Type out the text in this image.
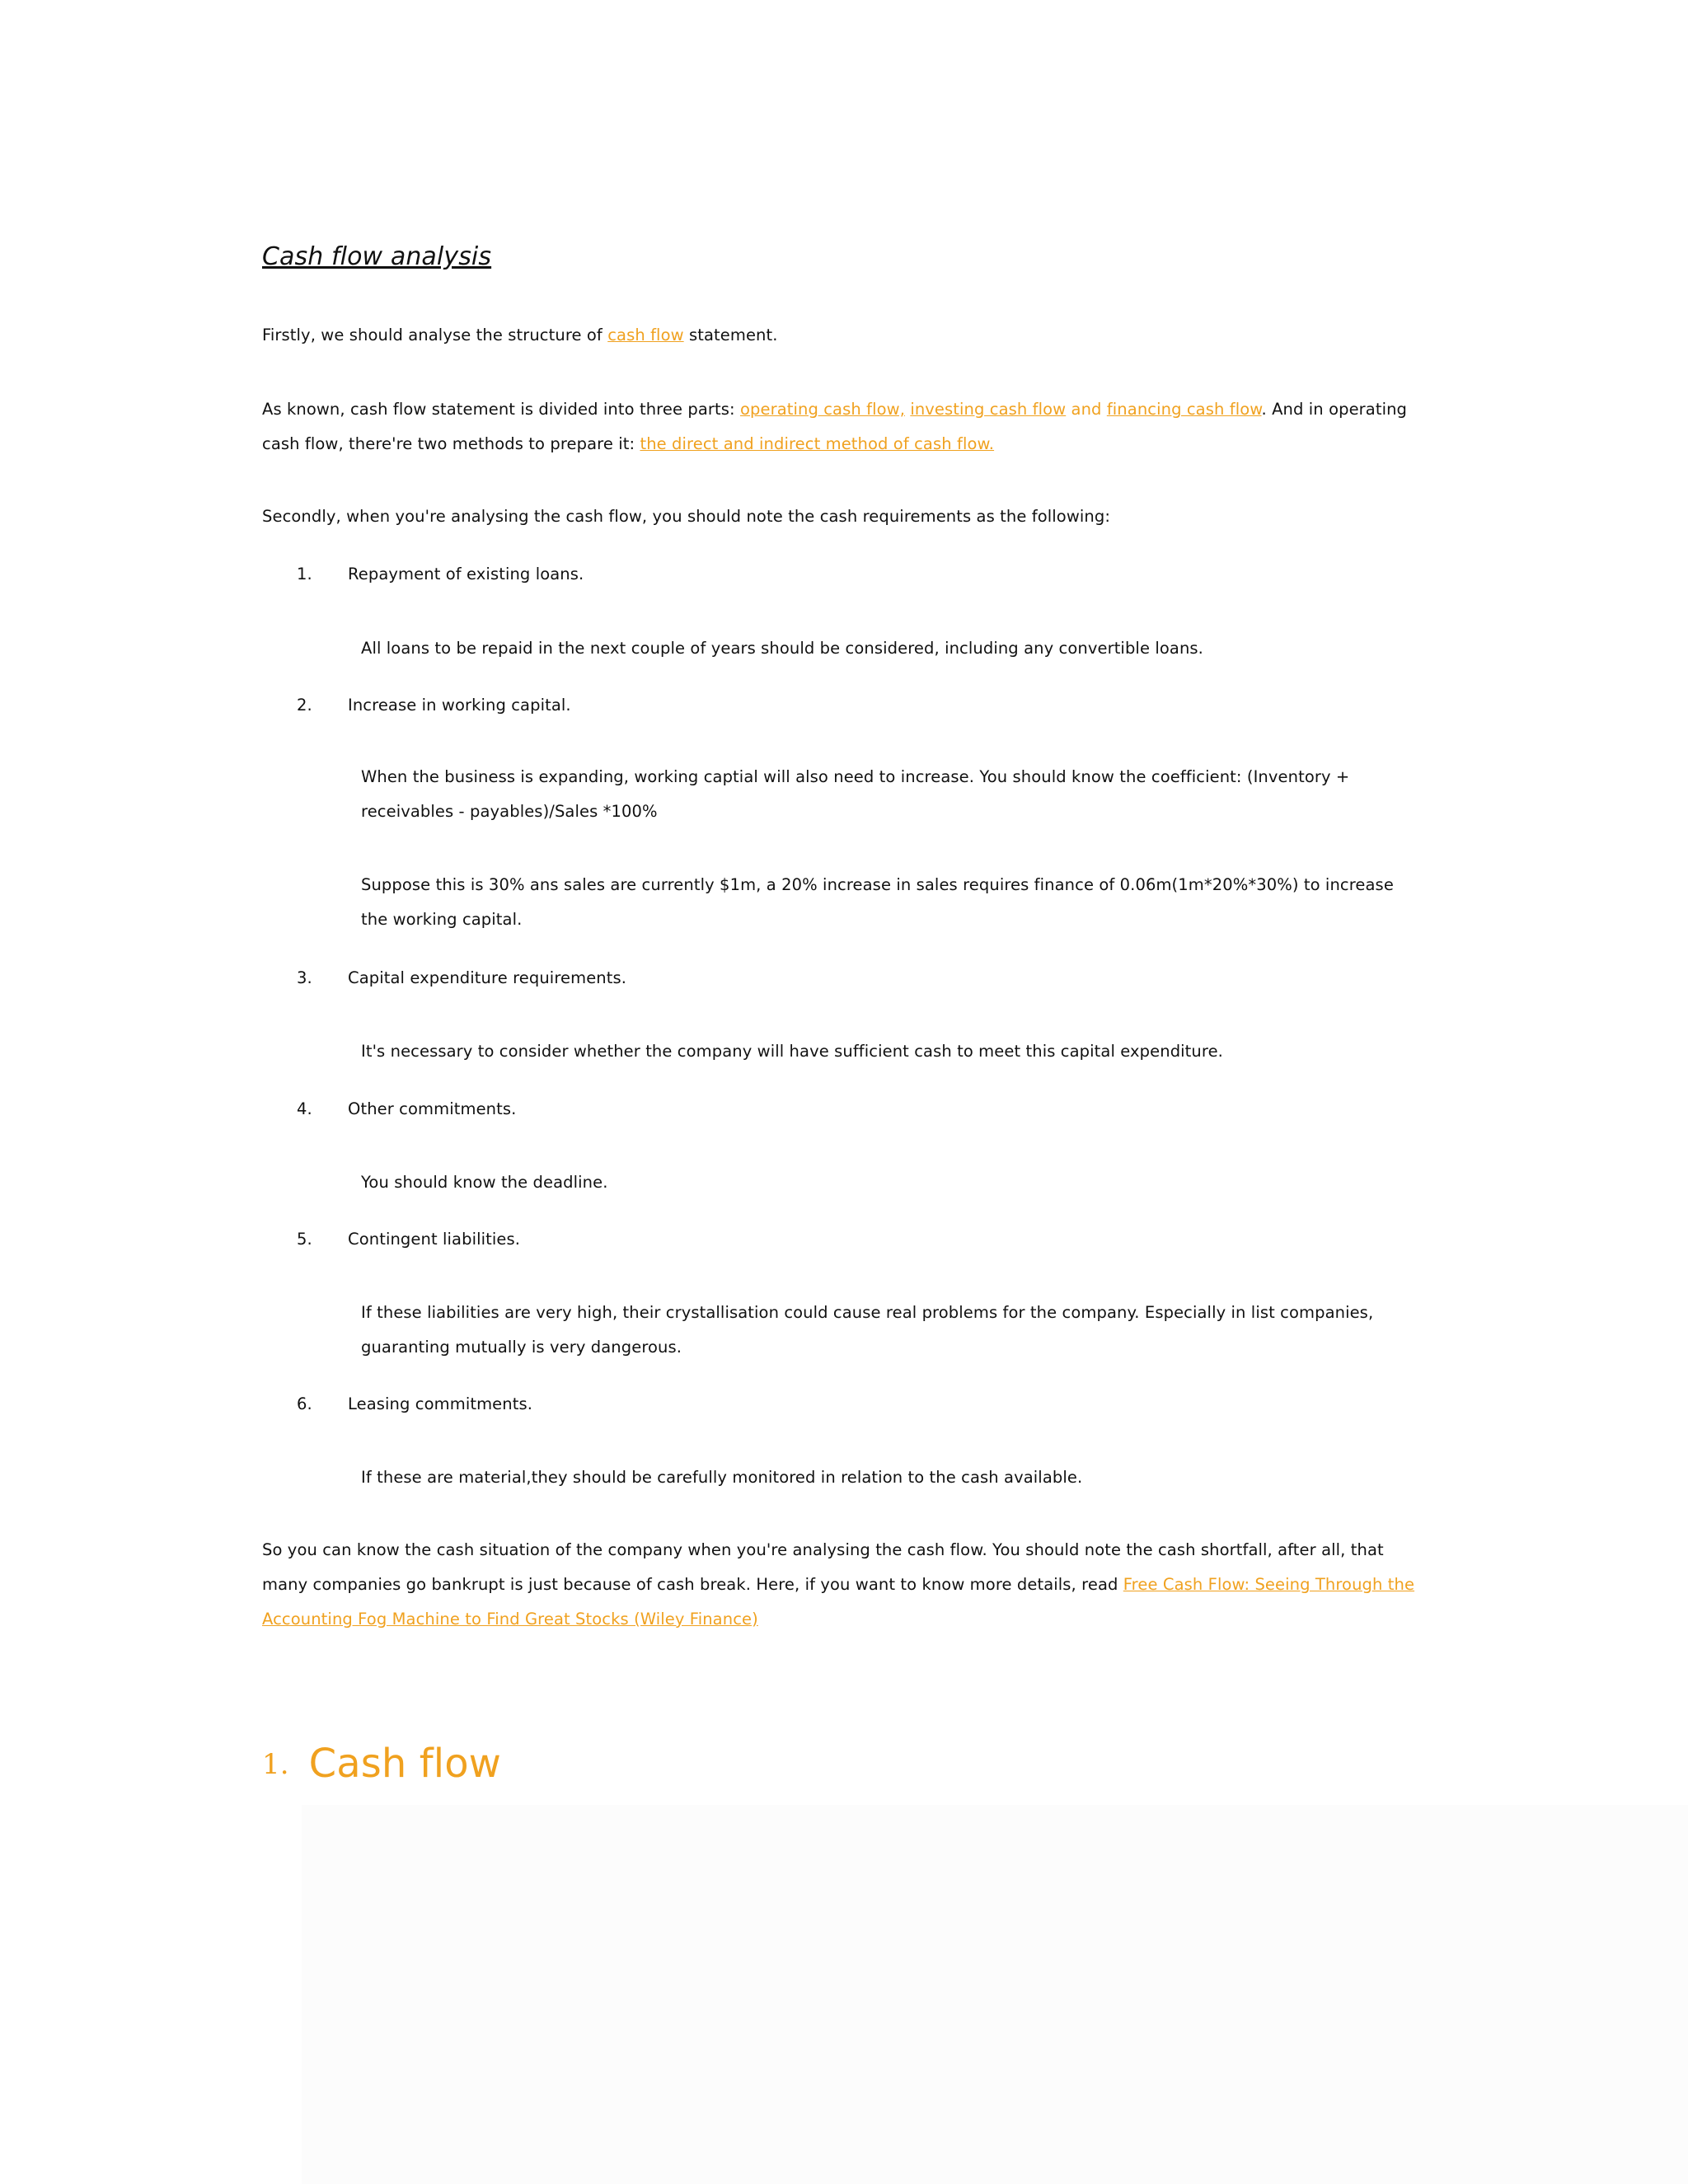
Cash flow analysis

Firstly, we should analyse the structure of cash flow statement.

As known, cash flow statement is divided into three parts: operating cash flow, investing cash flow and financing cash flow. And in operating cash flow, there're two methods to prepare it: the direct and indirect method of cash flow.

Secondly, when you're analysing the cash flow, you should note the cash requirements as the following:

1. Repayment of existing loans.

All loans to be repaid in the next couple of years should be considered, including any convertible loans.

2. Increase in working capital.

When the business is expanding, working captial will also need to increase. You should know the coefficient: (Inventory + receivables - payables)/Sales *100%

Suppose this is 30% ans sales are currently $1m, a 20% increase in sales requires finance of 0.06m(1m*20%*30%) to increase the working capital.

3. Capital expenditure requirements.

It's necessary to consider whether the company will have sufficient cash to meet this capital expenditure.

4. Other commitments.

You should know the deadline.

5. Contingent liabilities.

If these liabilities are very high, their crystallisation could cause real problems for the company. Especially in list companies, guaranting mutually is very dangerous.

6. Leasing commitments.

If these are material,they should be carefully monitored in relation to the cash available.

So you can know the cash situation of the company when you're analysing the cash flow. You should note the cash shortfall, after all, that many companies go bankrupt is just because of cash break. Here, if you want to know more details, read Free Cash Flow: Seeing Through the Accounting Fog Machine to Find Great Stocks (Wiley Finance)

1. Cash flow
